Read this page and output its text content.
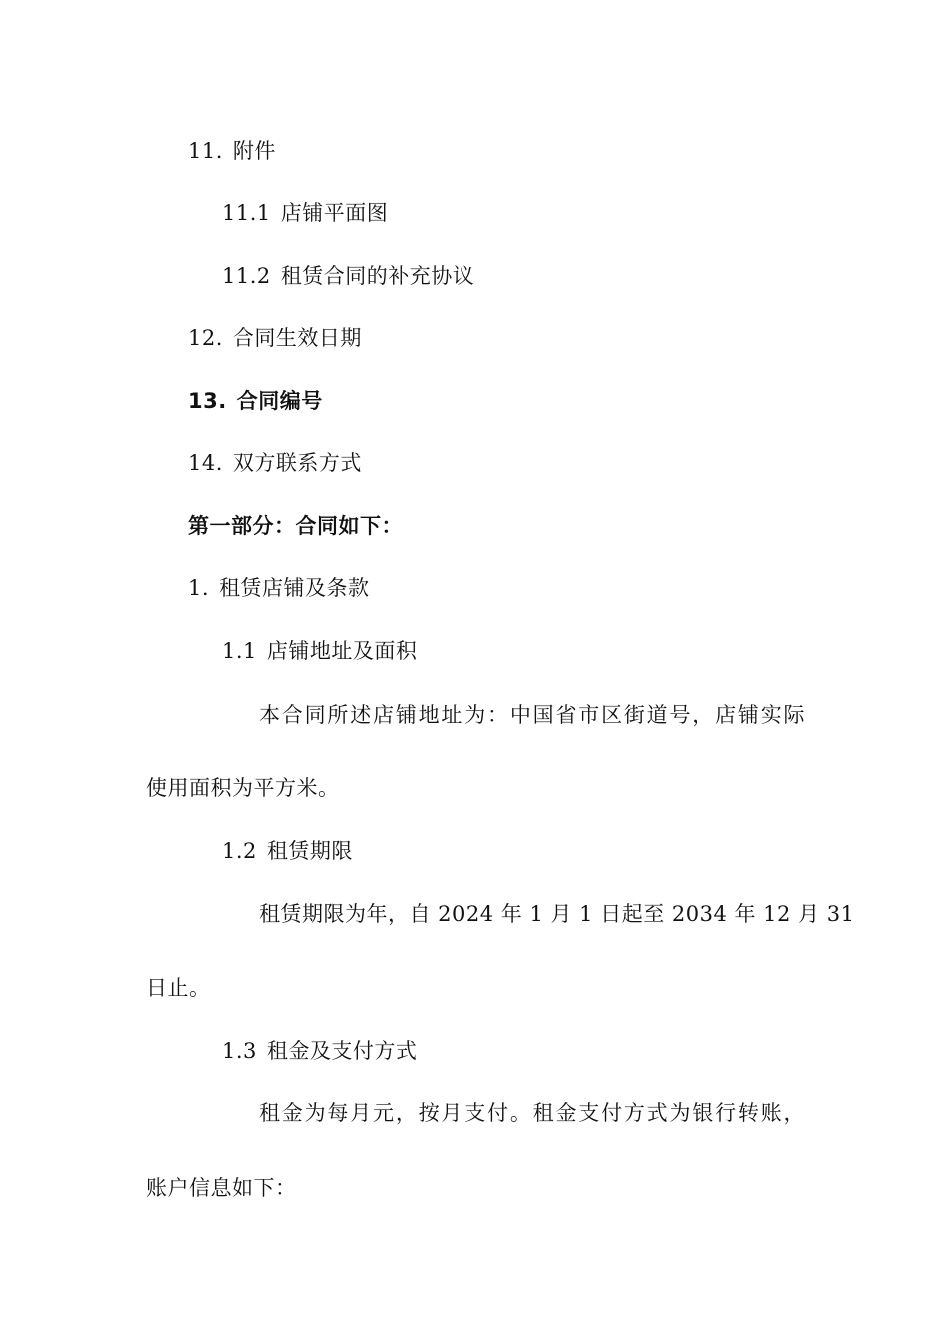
11. 附件
11.1 店铺平面图
11.2 租赁合同的补充协议
12. 合同生效日期
13. 合同编号
14. 双方联系方式
第一部分：合同如下：
1. 租赁店铺及条款
1.1 店铺地址及面积
本合同所述店铺地址为：中国省市区街道号，店铺实际
使用面积为平方米。
1.2 租赁期限
租赁期限为年，自 2024 年 1 月 1 日起至 2034 年 12 月 31
日止。
1.3 租金及支付方式
租金为每月元，按月支付。租金支付方式为银行转账，
账户信息如下：
